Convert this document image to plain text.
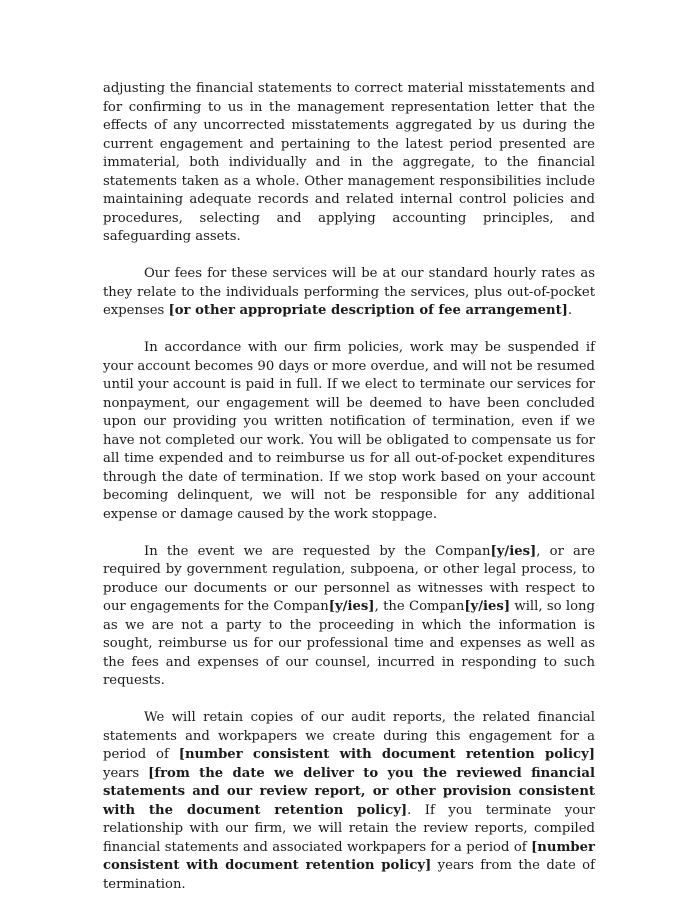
adjusting the financial statements to correct material misstatements and for confirming to us in the management representation letter that the effects of any uncorrected misstatements aggregated by us during the current engagement and pertaining to the latest period presented are immaterial, both individually and in the aggregate, to the financial statements taken as a whole. Other management responsibilities include maintaining adequate records and related internal control policies and procedures, selecting and applying accounting principles, and safeguarding assets.

Our fees for these services will be at our standard hourly rates as they relate to the individuals performing the services, plus out-of-pocket expenses [or other appropriate description of fee arrangement].

In accordance with our firm policies, work may be suspended if your account becomes 90 days or more overdue, and will not be resumed until your account is paid in full. If we elect to terminate our services for nonpayment, our engagement will be deemed to have been concluded upon our providing you written notification of termination, even if we have not completed our work. You will be obligated to compensate us for all time expended and to reimburse us for all out-of-pocket expenditures through the date of termination. If we stop work based on your account becoming delinquent, we will not be responsible for any additional expense or damage caused by the work stoppage.

In the event we are requested by the Compan[y/ies], or are required by government regulation, subpoena, or other legal process, to produce our documents or our personnel as witnesses with respect to our engagements for the Compan[y/ies], the Compan[y/ies] will, so long as we are not a party to the proceeding in which the information is sought, reimburse us for our professional time and expenses as well as the fees and expenses of our counsel, incurred in responding to such requests.

We will retain copies of our audit reports, the related financial statements and workpapers we create during this engagement for a period of [number consistent with document retention policy] years [from the date we deliver to you the reviewed financial statements and our review report, or other provision consistent with the document retention policy]. If you terminate your relationship with our firm, we will retain the review reports, compiled financial statements and associated workpapers for a period of [number consistent with document retention policy] years from the date of termination.
